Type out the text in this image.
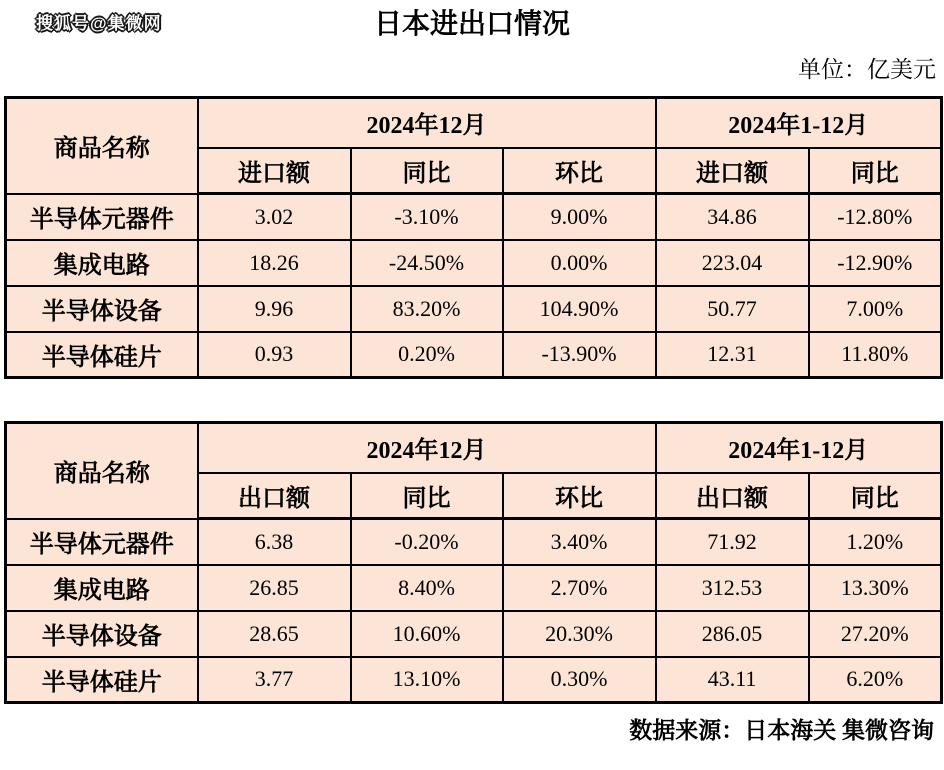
搜狐号@集微网	日本进出口情况
单位：亿美元
商品名称	2024年12月			2024年1-12月	
	进口额	同比	环比	进口额	同比
半导体元器件	3.02	-3.10%	9.00%	34.86	-12.80%
集成电路	18.26	-24.50%	0.00%	223.04	-12.90%
半导体设备	9.96	83.20%	104.90%	50.77	7.00%
半导体硅片	0.93	0.20%	-13.90%	12.31	11.80%
商品名称	2024年12月			2024年1-12月	
	出口额	同比	环比	出口额	同比
半导体元器件	6.38	-0.20%	3.40%	71.92	1.20%
集成电路	26.85	8.40%	2.70%	312.53	13.30%
半导体设备	28.65	10.60%	20.30%	286.05	27.20%
半导体硅片	3.77	13.10%	0.30%	43.11	6.20%
数据来源：日本海关 集微咨询
